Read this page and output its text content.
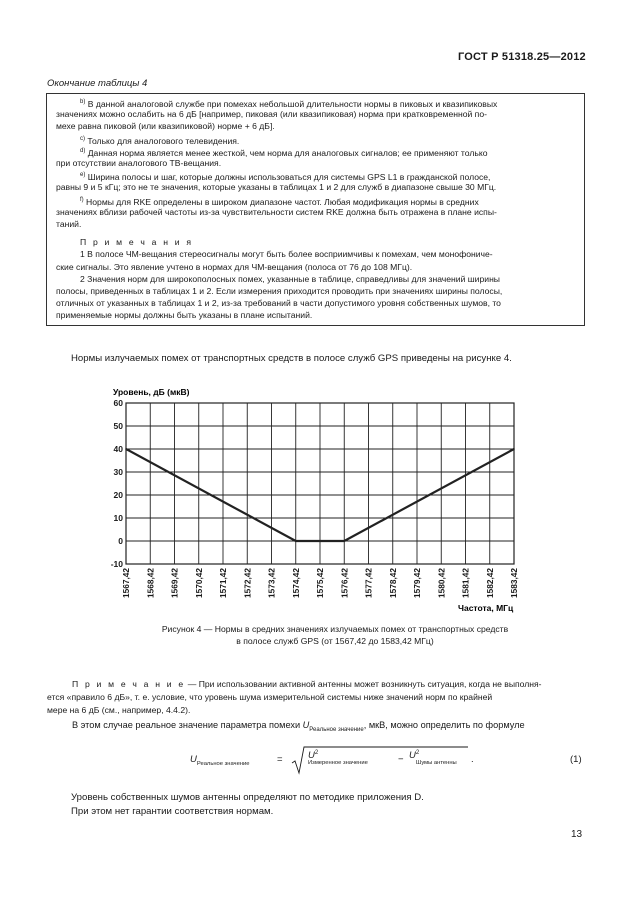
ГОСТ Р 51318.25—2012
Окончание таблицы 4
$^{b)}$ В данной аналоговой службе при помехах небольшой длительности нормы в пиковых и квазипиковых
значениях можно ослабить на 6 дБ [например, пиковая (или квазипиковая) норма при кратковременной по-
мехе равна пиковой (или квазипиковой) норме + 6 дБ].
$^{c)}$ Только для аналогового телевидения.
$^{d)}$ Данная норма является менее жесткой, чем норма для аналоговых сигналов; ее применяют только
при отсутствии аналогового ТВ-вещания.
$^{e)}$ Ширина полосы и шаг, которые должны использоваться для системы GPS L1 в гражданской полосе,
равны 9 и 5 кГц; это не те значения, которые указаны в таблицах 1 и 2 для служб в диапазоне свыше 30 МГц.
$^{f)}$ Нормы для RKE определены в широком диапазоне частот. Любая модификация нормы в средних
значениях вблизи рабочей частоты из-за чувствительности систем RKE должна быть отражена в плане испы-
таний.
П р и м е ч а н и я
1 В полосе ЧМ-вещания стереосигналы могут быть более восприимчивы к помехам, чем монофониче-
ские сигналы. Это явление учтено в нормах для ЧМ-вещания (полоса от 76 до 108 МГц).
2 Значения норм для широкополосных помех, указанные в таблице, справедливы для значений ширины
полосы, приведенных в таблицах 1 и 2. Если измерения приходится проводить при значениях ширины полосы,
отличных от указанных в таблицах 1 и 2, из-за требований в части допустимого уровня собственных шумов, то
применяемые нормы должны быть указаны в плане испытаний.
Нормы излучаемых помех от транспортных средств в полосе служб GPS приведены на рисунке 4.
60
50
40
30
20
10
0
-10
1567,42 1568,42 1569,42 1570,42 1571,42 1572,42 1573,42 1574,42 1575,42 1576,42 1577,42 1578,42 1579,42 1580,42 1581,42 1582,42 1583,42
Уровень, дБ (мкВ)
Частота, МГц
Рисунок 4 — Нормы в средних значениях излучаемых помех от транспортных средств
в полосе служб GPS (от 1567,42 до 1583,42 МГц)
П р и м е ч а н и е — При использовании активной антенны может возникнуть ситуация, когда не выполня-
ется «правило 6 дБ», т. е. условие, что уровень шума измерительной системы ниже значений норм по крайней
мере на 6 дБ (см., например, 4.4.2).
В этом случае реальное значение параметра помехи $U_{Реальное значение}$, мкВ, можно определить по формуле
$U_{Реальное значение}$	=	$U^2$
Измеренное значение	− $U^2$
Шумы антенны .	(1)
Уровень собственных шумов антенны определяют по методике приложения D.
При этом нет гарантии соответствия нормам.
13
